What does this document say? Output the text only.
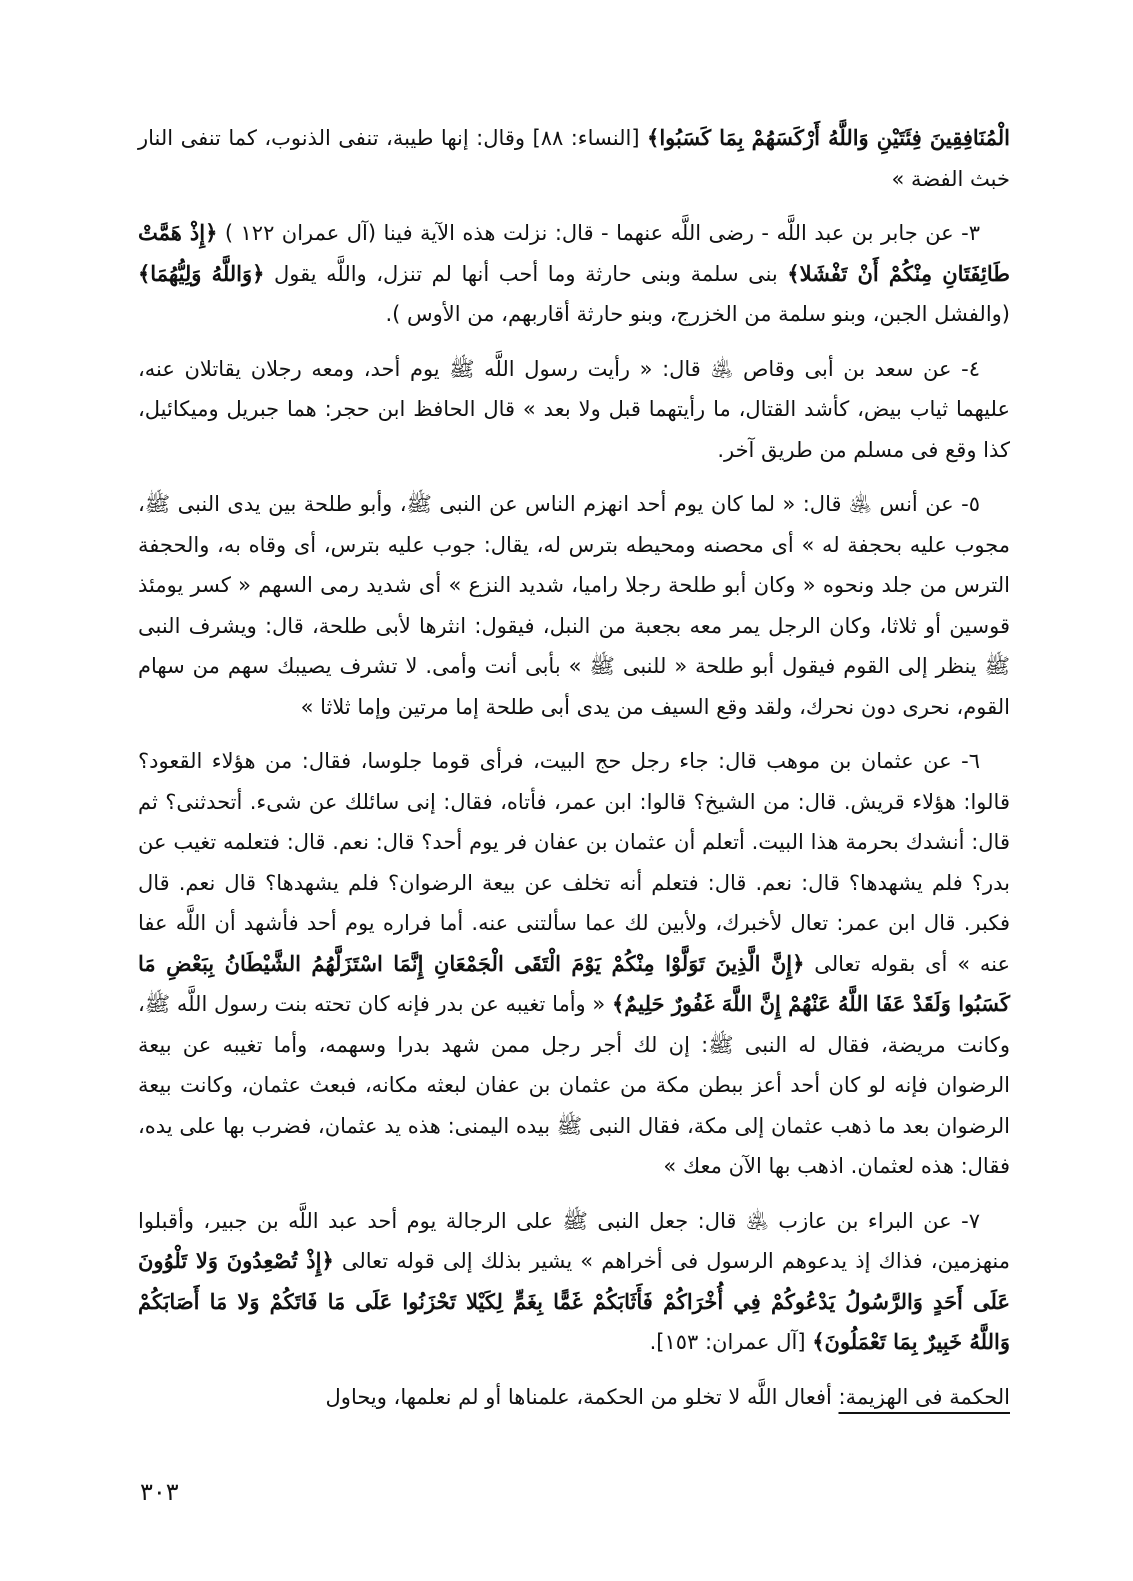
الْمُنَافِقِينَ فِئَتَيْنِ وَاللَّهُ أَرْكَسَهُمْ بِمَا كَسَبُوا﴾ [النساء: ٨٨] وقال: إنها طيبة، تنفى الذنوب، كما تنفى النار خبث الفضة »

٣- عن جابر بن عبد اللَّه - رضى اللَّه عنهما - قال: نزلت هذه الآية فينا (آل عمران ١٢٢ ) ﴿إِذْ هَمَّتْ طَائِفَتَانِ مِنْكُمْ أَنْ تَفْشَلا﴾ بنى سلمة وبنى حارثة وما أحب أنها لم تنزل، واللَّه يقول ﴿وَاللَّهُ وَلِيُّهُمَا﴾ (والفشل الجبن، وبنو سلمة من الخزرج، وبنو حارثة أقاربهم، من الأوس ).

٤- عن سعد بن أبى وقاص ﵁ قال: « رأيت رسول اللَّه ﷺ يوم أحد، ومعه رجلان يقاتلان عنه، عليهما ثياب بيض، كأشد القتال، ما رأيتهما قبل ولا بعد » قال الحافظ ابن حجر: هما جبريل وميكائيل، كذا وقع فى مسلم من طريق آخر.

٥- عن أنس ﵁ قال: « لما كان يوم أحد انهزم الناس عن النبى ﷺ، وأبو طلحة بين يدى النبى ﷺ، مجوب عليه بحجفة له » أى محصنه ومحيطه بترس له، يقال: جوب عليه بترس، أى وقاه به، والحجفة الترس من جلد ونحوه « وكان أبو طلحة رجلا راميا، شديد النزع » أى شديد رمى السهم « كسر يومئذ قوسين أو ثلاثا، وكان الرجل يمر معه بجعبة من النبل، فيقول: انثرها لأبى طلحة، قال: ويشرف النبى ﷺ ينظر إلى القوم فيقول أبو طلحة « للنبى ﷺ » بأبى أنت وأمى. لا تشرف يصيبك سهم من سهام القوم، نحرى دون نحرك، ولقد وقع السيف من يدى أبى طلحة إما مرتين وإما ثلاثا »

٦- عن عثمان بن موهب قال: جاء رجل حج البيت، فرأى قوما جلوسا، فقال: من هؤلاء القعود؟ قالوا: هؤلاء قريش. قال: من الشيخ؟ قالوا: ابن عمر، فأتاه، فقال: إنى سائلك عن شىء. أتحدثنى؟ ثم قال: أنشدك بحرمة هذا البيت. أتعلم أن عثمان بن عفان فر يوم أحد؟ قال: نعم. قال: فتعلمه تغيب عن بدر؟ فلم يشهدها؟ قال: نعم. قال: فتعلم أنه تخلف عن بيعة الرضوان؟ فلم يشهدها؟ قال نعم. قال فكبر. قال ابن عمر: تعال لأخبرك، ولأبين لك عما سألتنى عنه. أما فراره يوم أحد فأشهد أن اللَّه عفا عنه » أى بقوله تعالى ﴿إِنَّ الَّذِينَ تَوَلَّوْا مِنْكُمْ يَوْمَ الْتَقَى الْجَمْعَانِ إِنَّمَا اسْتَزَلَّهُمُ الشَّيْطَانُ بِبَعْضِ مَا كَسَبُوا وَلَقَدْ عَفَا اللَّهُ عَنْهُمْ إِنَّ اللَّهَ غَفُورٌ حَلِيمٌ﴾ « وأما تغيبه عن بدر فإنه كان تحته بنت رسول اللَّه ﷺ، وكانت مريضة، فقال له النبى ﷺ: إن لك أجر رجل ممن شهد بدرا وسهمه، وأما تغيبه عن بيعة الرضوان فإنه لو كان أحد أعز ببطن مكة من عثمان بن عفان لبعثه مكانه، فبعث عثمان، وكانت بيعة الرضوان بعد ما ذهب عثمان إلى مكة، فقال النبى ﷺ بيده اليمنى: هذه يد عثمان، فضرب بها على يده، فقال: هذه لعثمان. اذهب بها الآن معك »

٧- عن البراء بن عازب ﵁ قال: جعل النبى ﷺ على الرجالة يوم أحد عبد اللَّه بن جبير، وأقبلوا منهزمين، فذاك إذ يدعوهم الرسول فى أخراهم » يشير بذلك إلى قوله تعالى ﴿إِذْ تُصْعِدُونَ وَلا تَلْوُونَ عَلَى أَحَدٍ وَالرَّسُولُ يَدْعُوكُمْ فِي أُخْرَاكُمْ فَأَثَابَكُمْ غَمًّا بِغَمٍّ لِكَيْلا تَحْزَنُوا عَلَى مَا فَاتَكُمْ وَلا مَا أَصَابَكُمْ وَاللَّهُ خَبِيرٌ بِمَا تَعْمَلُونَ﴾ [آل عمران: ١٥٣].

الحكمة فى الهزيمة: أفعال اللَّه لا تخلو من الحكمة، علمناها أو لم نعلمها، ويحاول

٣٠٣
